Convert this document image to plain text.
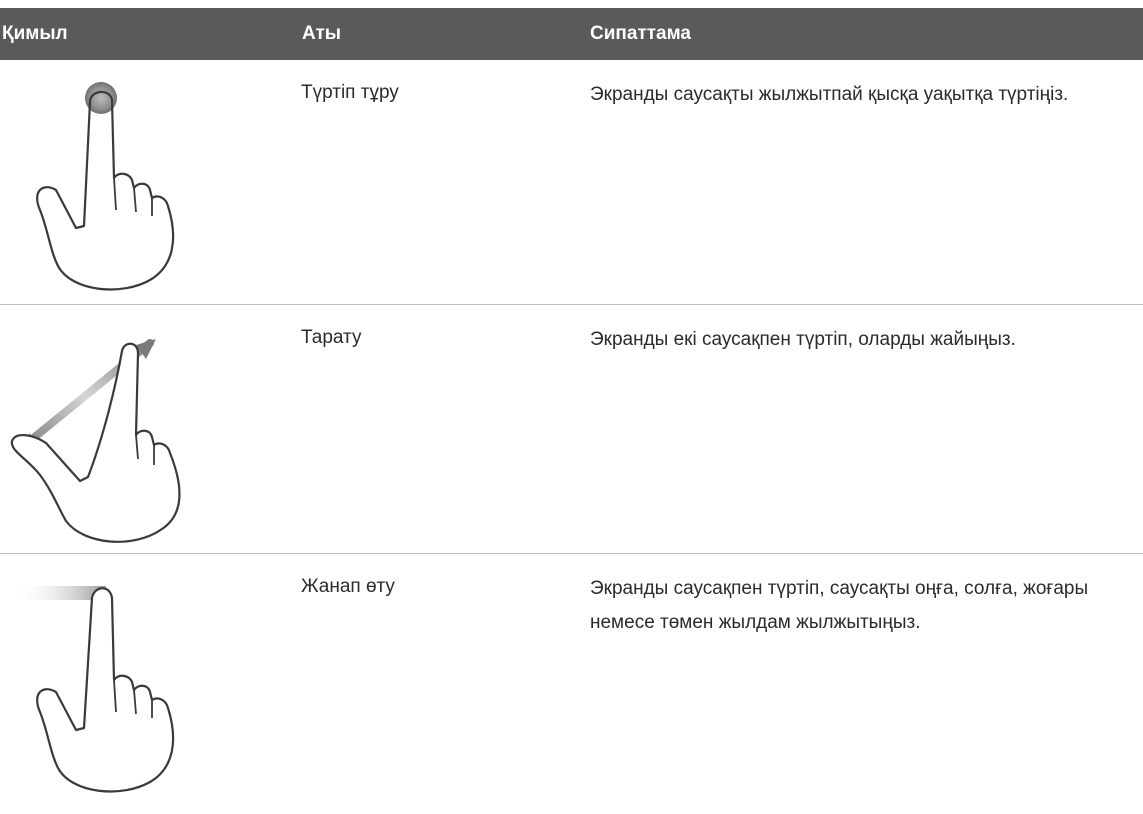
Қимыл	Аты	Сипаттама
Түртіп тұру	Экранды саусақты жылжытпай қысқа уақытқа түртіңіз.
Тарату	Экранды екі саусақпен түртіп, оларды жайыңыз.
Жанап өту	Экранды саусақпен түртіп, саусақты оңға, солға, жоғары немесе төмен жылдам жылжытыңыз.
